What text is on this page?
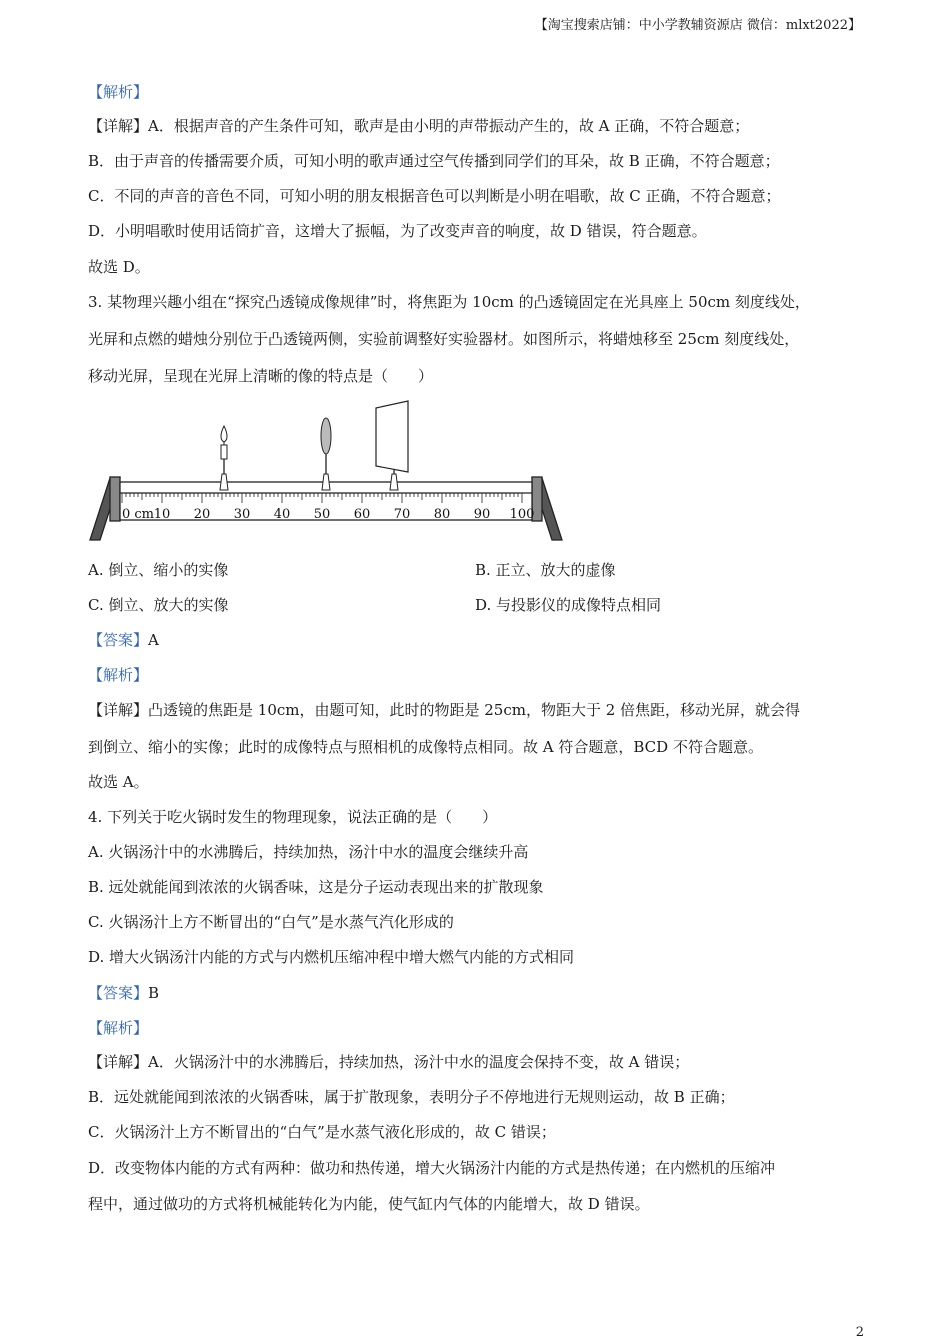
【淘宝搜索店铺：中小学教辅资源店 微信：mlxt2022】
【解析】
【详解】A．根据声音的产生条件可知，歌声是由小明的声带振动产生的，故 A 正确，不符合题意；
B．由于声音的传播需要介质，可知小明的歌声通过空气传播到同学们的耳朵，故 B 正确，不符合题意；
C．不同的声音的音色不同，可知小明的朋友根据音色可以判断是小明在唱歌，故 C 正确，不符合题意；
D．小明唱歌时使用话筒扩音，这增大了振幅，为了改变声音的响度，故 D 错误，符合题意。
故选 D。
3. 某物理兴趣小组在“探究凸透镜成像规律”时，将焦距为 10cm 的凸透镜固定在光具座上 50cm 刻度线处，
光屏和点燃的蜡烛分别位于凸透镜两侧，实验前调整好实验器材。如图所示，将蜡烛移至 25cm 刻度线处，
移动光屏，呈现在光屏上清晰的像的特点是（　　）
0 cm 10 20 30 40 50 60 70 80 90 100
A. 倒立、缩小的实像	B. 正立、放大的虚像
C. 倒立、放大的实像	D. 与投影仪的成像特点相同
【答案】A
【解析】
【详解】凸透镜的焦距是 10cm，由题可知，此时的物距是 25cm，物距大于 2 倍焦距，移动光屏，就会得
到倒立、缩小的实像；此时的成像特点与照相机的成像特点相同。故 A 符合题意，BCD 不符合题意。
故选 A。
4. 下列关于吃火锅时发生的物理现象，说法正确的是（　　）
A. 火锅汤汁中的水沸腾后，持续加热，汤汁中水的温度会继续升高
B. 远处就能闻到浓浓的火锅香味，这是分子运动表现出来的扩散现象
C. 火锅汤汁上方不断冒出的“白气”是水蒸气汽化形成的
D. 增大火锅汤汁内能的方式与内燃机压缩冲程中增大燃气内能的方式相同
【答案】B
【解析】
【详解】A．火锅汤汁中的水沸腾后，持续加热，汤汁中水的温度会保持不变，故 A 错误；
B．远处就能闻到浓浓的火锅香味，属于扩散现象，表明分子不停地进行无规则运动，故 B 正确；
C．火锅汤汁上方不断冒出的“白气”是水蒸气液化形成的，故 C 错误；
D．改变物体内能的方式有两种：做功和热传递，增大火锅汤汁内能的方式是热传递；在内燃机的压缩冲
程中，通过做功的方式将机械能转化为内能，使气缸内气体的内能增大，故 D 错误。
2
